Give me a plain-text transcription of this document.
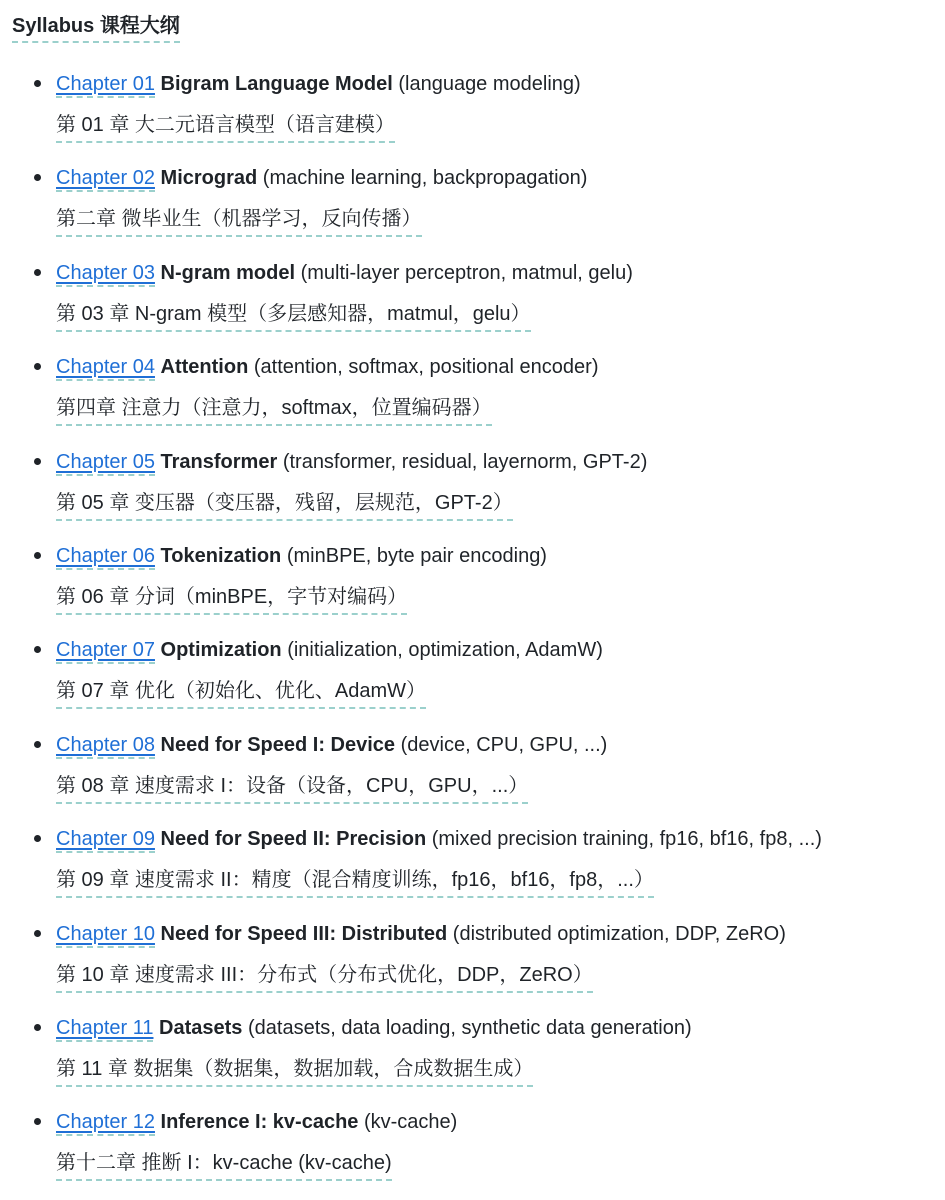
Syllabus 课程大纲
Chapter 01 Bigram Language Model (language modeling)
第 01 章 大二元语言模型（语言建模）
Chapter 02 Micrograd (machine learning, backpropagation)
第二章 微毕业生（机器学习，反向传播）
Chapter 03 N-gram model (multi-layer perceptron, matmul, gelu)
第 03 章 N-gram 模型（多层感知器，matmul，gelu）
Chapter 04 Attention (attention, softmax, positional encoder)
第四章 注意力（注意力，softmax，位置编码器）
Chapter 05 Transformer (transformer, residual, layernorm, GPT-2)
第 05 章 变压器（变压器，残留，层规范，GPT-2）
Chapter 06 Tokenization (minBPE, byte pair encoding)
第 06 章 分词（minBPE，字节对编码）
Chapter 07 Optimization (initialization, optimization, AdamW)
第 07 章 优化（初始化、优化、AdamW）
Chapter 08 Need for Speed I: Device (device, CPU, GPU, ...)
第 08 章 速度需求 I：设备（设备，CPU，GPU，...）
Chapter 09 Need for Speed II: Precision (mixed precision training, fp16, bf16, fp8, ...)
第 09 章 速度需求 II：精度（混合精度训练，fp16，bf16，fp8，...）
Chapter 10 Need for Speed III: Distributed (distributed optimization, DDP, ZeRO)
第 10 章 速度需求 III：分布式（分布式优化，DDP，ZeRO）
Chapter 11 Datasets (datasets, data loading, synthetic data generation)
第 11 章 数据集（数据集，数据加载，合成数据生成）
Chapter 12 Inference I: kv-cache (kv-cache)
第十二章 推断 I：kv-cache (kv-cache)
